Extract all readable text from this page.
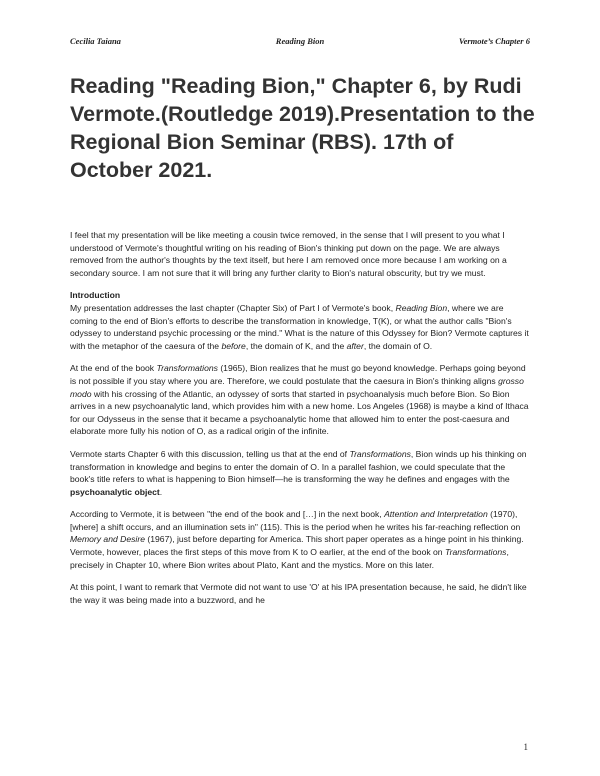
Cecilia Taiana	Reading Bion	Vermote’s Chapter 6
Reading "Reading Bion," Chapter 6, by Rudi Vermote.(Routledge 2019).Presentation to the Regional Bion Seminar (RBS). 17th of October 2021.

I feel that my presentation will be like meeting a cousin twice removed, in the sense that I will present to you what I understood of Vermote's thoughtful writing on his reading of Bion's thinking put down on the page. We are always removed from the author's thoughts by the text itself, but here I am removed once more because I am working on a secondary source. I am not sure that it will bring any further clarity to Bion's natural obscurity, but try we must.

Introduction
My presentation addresses the last chapter (Chapter Six) of Part I of Vermote's book, Reading Bion, where we are coming to the end of Bion's efforts to describe the transformation in knowledge, T(K), or what the author calls "Bion's odyssey to understand psychic processing or the mind." What is the nature of this Odyssey for Bion? Vermote captures it with the metaphor of the caesura of the before, the domain of K, and the after, the domain of O.

At the end of the book Transformations (1965), Bion realizes that he must go beyond knowledge. Perhaps going beyond is not possible if you stay where you are. Therefore, we could postulate that the caesura in Bion's thinking aligns grosso modo with his crossing of the Atlantic, an odyssey of sorts that started in psychoanalysis much before Bion. So Bion arrives in a new psychoanalytic land, which provides him with a new home. Los Angeles (1968) is maybe a kind of Ithaca for our Odysseus in the sense that it became a psychoanalytic home that allowed him to enter the post-caesura and elaborate more fully his notion of O, as a radical origin of the infinite.

Vermote starts Chapter 6 with this discussion, telling us that at the end of Transformations, Bion winds up his thinking on transformation in knowledge and begins to enter the domain of O. In a parallel fashion, we could speculate that the book's title refers to what is happening to Bion himself—he is transforming the way he defines and engages with the psychoanalytic object.

According to Vermote, it is between "the end of the book and […] in the next book, Attention and Interpretation (1970), [where] a shift occurs, and an illumination sets in" (115). This is the period when he writes his far-reaching reflection on Memory and Desire (1967), just before departing for America. This short paper operates as a hinge point in his thinking. Vermote, however, places the first steps of this move from K to O earlier, at the end of the book on Transformations, precisely in Chapter 10, where Bion writes about Plato, Kant and the mystics. More on this later.

At this point, I want to remark that Vermote did not want to use 'O' at his IPA presentation because, he said, he didn't like the way it was being made into a buzzword, and he

1
